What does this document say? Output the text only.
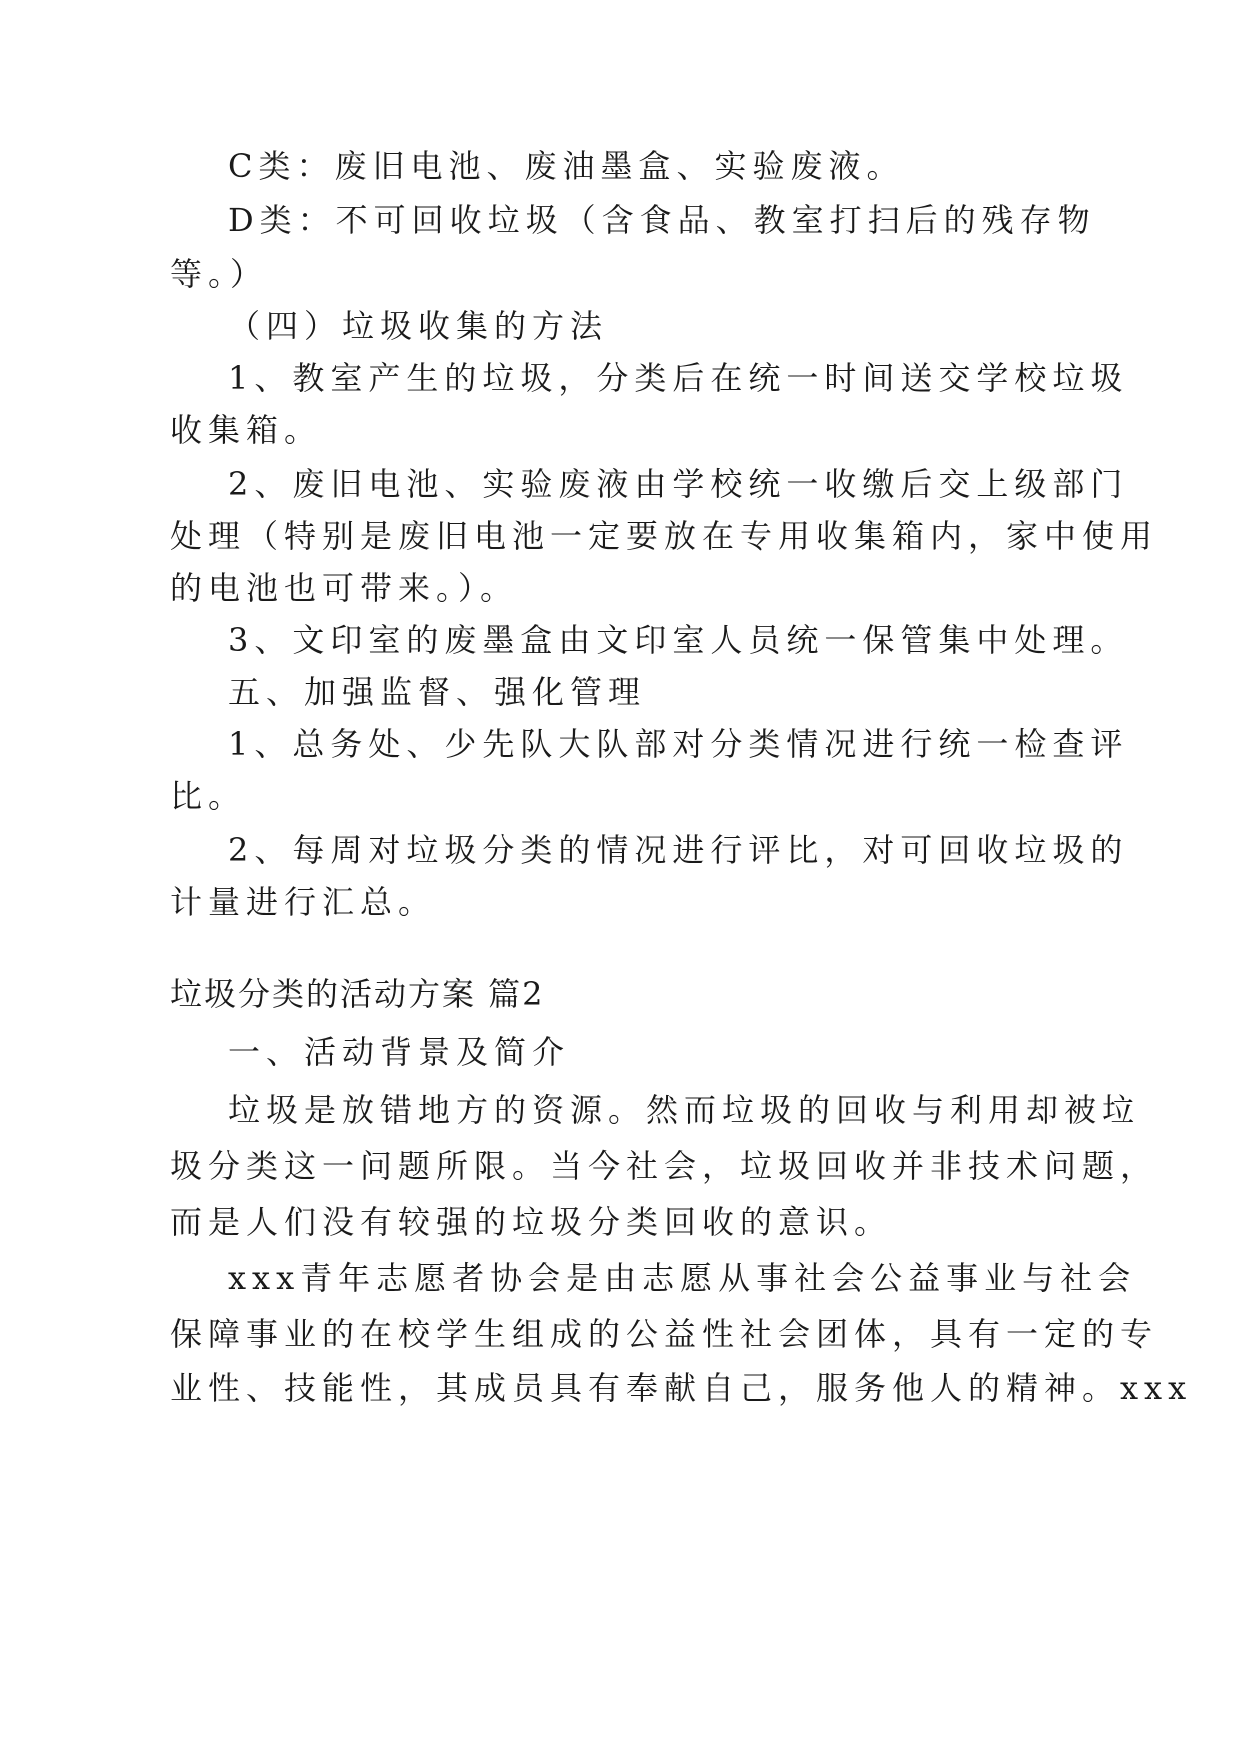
C类：废旧电池、废油墨盒、实验废液。
D类：不可回收垃圾（含食品、教室打扫后的残存物
等。）
（四）垃圾收集的方法
1、教室产生的垃圾，分类后在统一时间送交学校垃圾
收集箱。
2、废旧电池、实验废液由学校统一收缴后交上级部门
处理（特别是废旧电池一定要放在专用收集箱内，家中使用
的电池也可带来。）。
3、文印室的废墨盒由文印室人员统一保管集中处理。
五、加强监督、强化管理
1、总务处、少先队大队部对分类情况进行统一检查评
比。
2、每周对垃圾分类的情况进行评比，对可回收垃圾的
计量进行汇总。
垃圾分类的活动方案 篇2
一、活动背景及简介
垃圾是放错地方的资源。然而垃圾的回收与利用却被垃
圾分类这一问题所限。当今社会，垃圾回收并非技术问题，
而是人们没有较强的垃圾分类回收的意识。
xxx青年志愿者协会是由志愿从事社会公益事业与社会
保障事业的在校学生组成的公益性社会团体，具有一定的专
业性、技能性，其成员具有奉献自己，服务他人的精神。xxx
